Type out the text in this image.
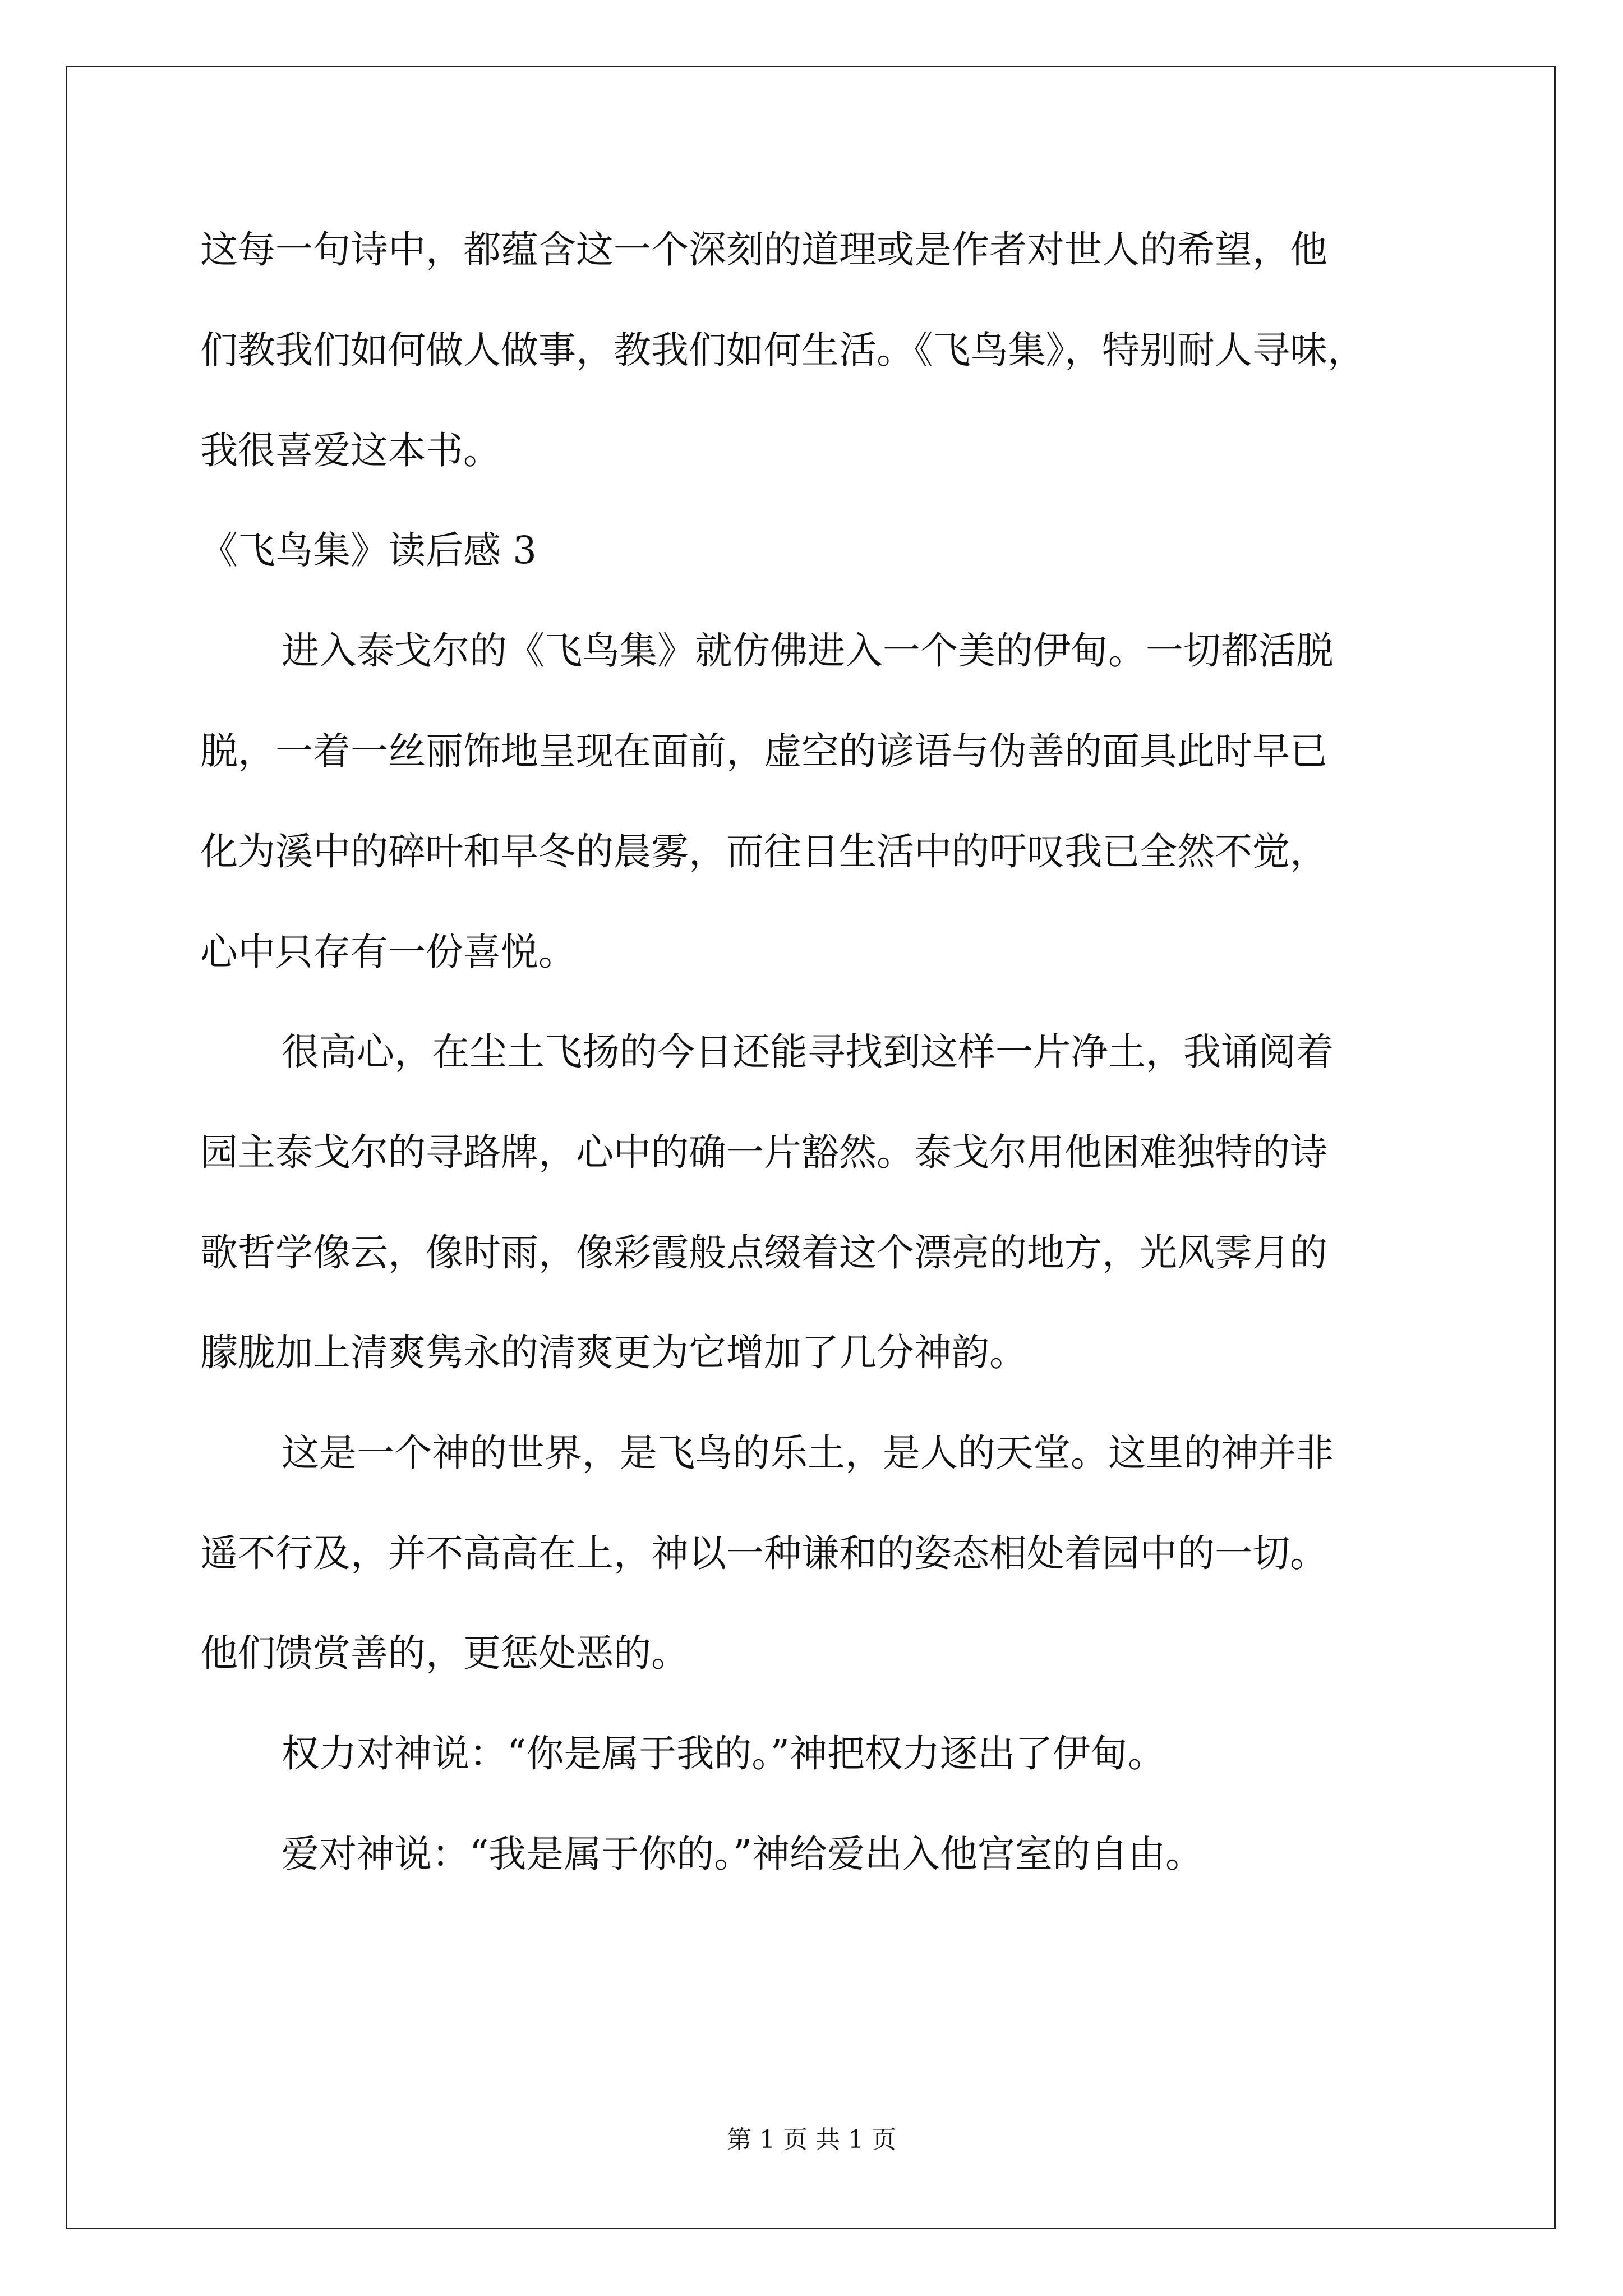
这每一句诗中，都蕴含这一个深刻的道理或是作者对世人的希望，他

们教我们如何做人做事，教我们如何生活。《飞鸟集》，特别耐人寻味，

我很喜爱这本书。

《飞鸟集》读后感 3

进入泰戈尔的《飞鸟集》就仿佛进入一个美的伊甸。一切都活脱

脱，一着一丝丽饰地呈现在面前，虚空的谚语与伪善的面具此时早已

化为溪中的碎叶和早冬的晨雾，而往日生活中的吁叹我已全然不觉，

心中只存有一份喜悦。

很高心，在尘土飞扬的今日还能寻找到这样一片净土，我诵阅着

园主泰戈尔的寻路牌，心中的确一片豁然。泰戈尔用他困难独特的诗

歌哲学像云，像时雨，像彩霞般点缀着这个漂亮的地方，光风霁月的

朦胧加上清爽隽永的清爽更为它增加了几分神韵。

这是一个神的世界，是飞鸟的乐土，是人的天堂。这里的神并非

遥不行及，并不高高在上，神以一种谦和的姿态相处着园中的一切。

他们馈赏善的，更惩处恶的。

权力对神说：“你是属于我的。”神把权力逐出了伊甸。

爱对神说：“我是属于你的。”神给爱出入他宫室的自由。

第 1 页 共 1 页
